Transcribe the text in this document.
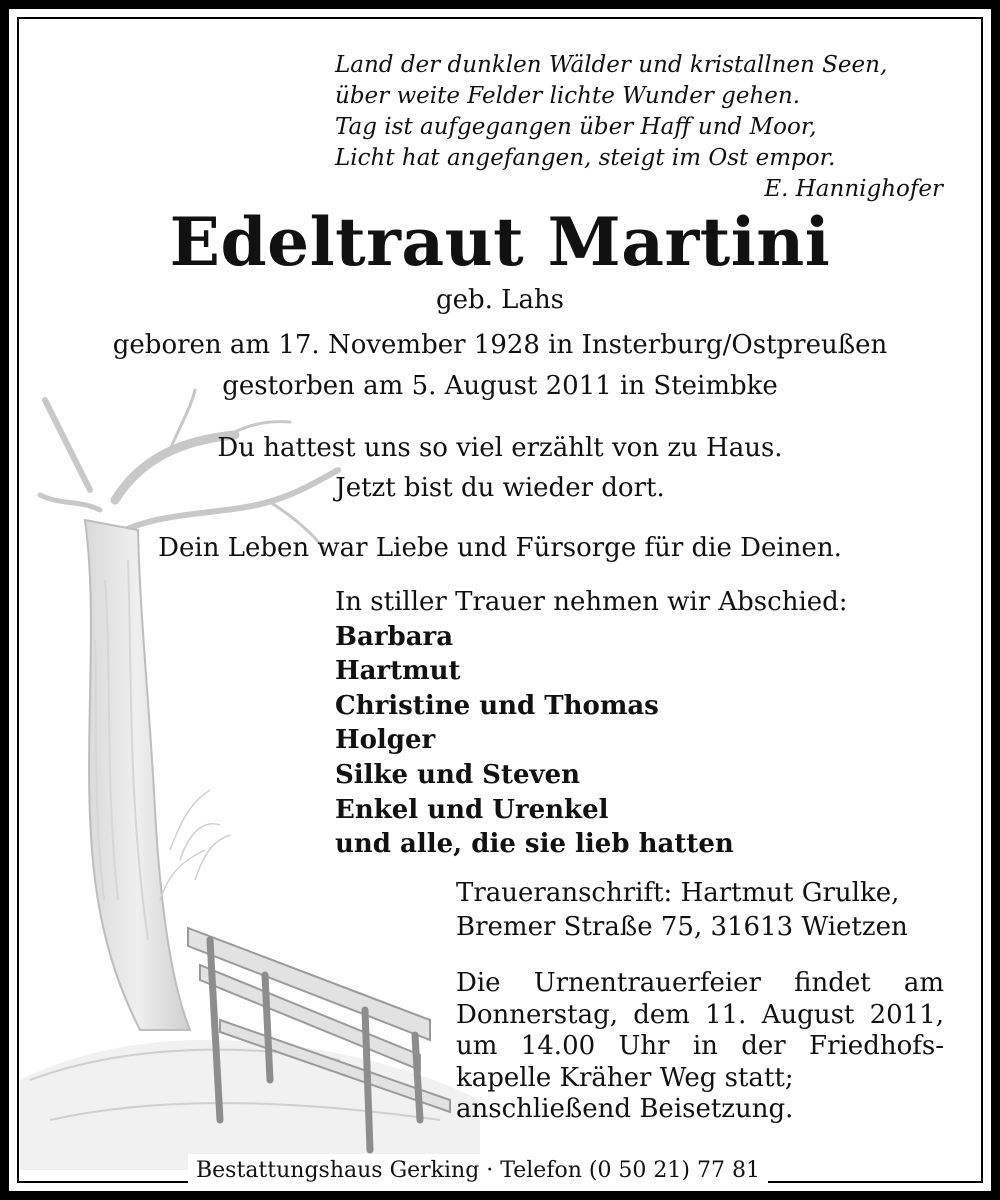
Land der dunklen Wälder und kristallnen Seen,
über weite Felder lichte Wunder gehen.
Tag ist aufgegangen über Haff und Moor,
Licht hat angefangen, steigt im Ost empor.
E. Hannighofer
Edeltraut Martini
geb. Lahs
geboren am 17. November 1928 in Insterburg/Ostpreußen
gestorben am 5. August 2011 in Steimbke
Du hattest uns so viel erzählt von zu Haus.
Jetzt bist du wieder dort.
Dein Leben war Liebe und Fürsorge für die Deinen.
In stiller Trauer nehmen wir Abschied:
Barbara
Hartmut
Christine und Thomas
Holger
Silke und Steven
Enkel und Urenkel
und alle, die sie lieb hatten
Traueranschrift: Hartmut Grulke,
Bremer Straße 75, 31613 Wietzen
Die Urnentrauerfeier findet am
Donnerstag, dem 11. August 2011,
um 14.00 Uhr in der Friedhofs-
kapelle Kräher Weg statt;
anschließend Beisetzung.
Bestattungshaus Gerking · Telefon (0 50 21) 77 81
